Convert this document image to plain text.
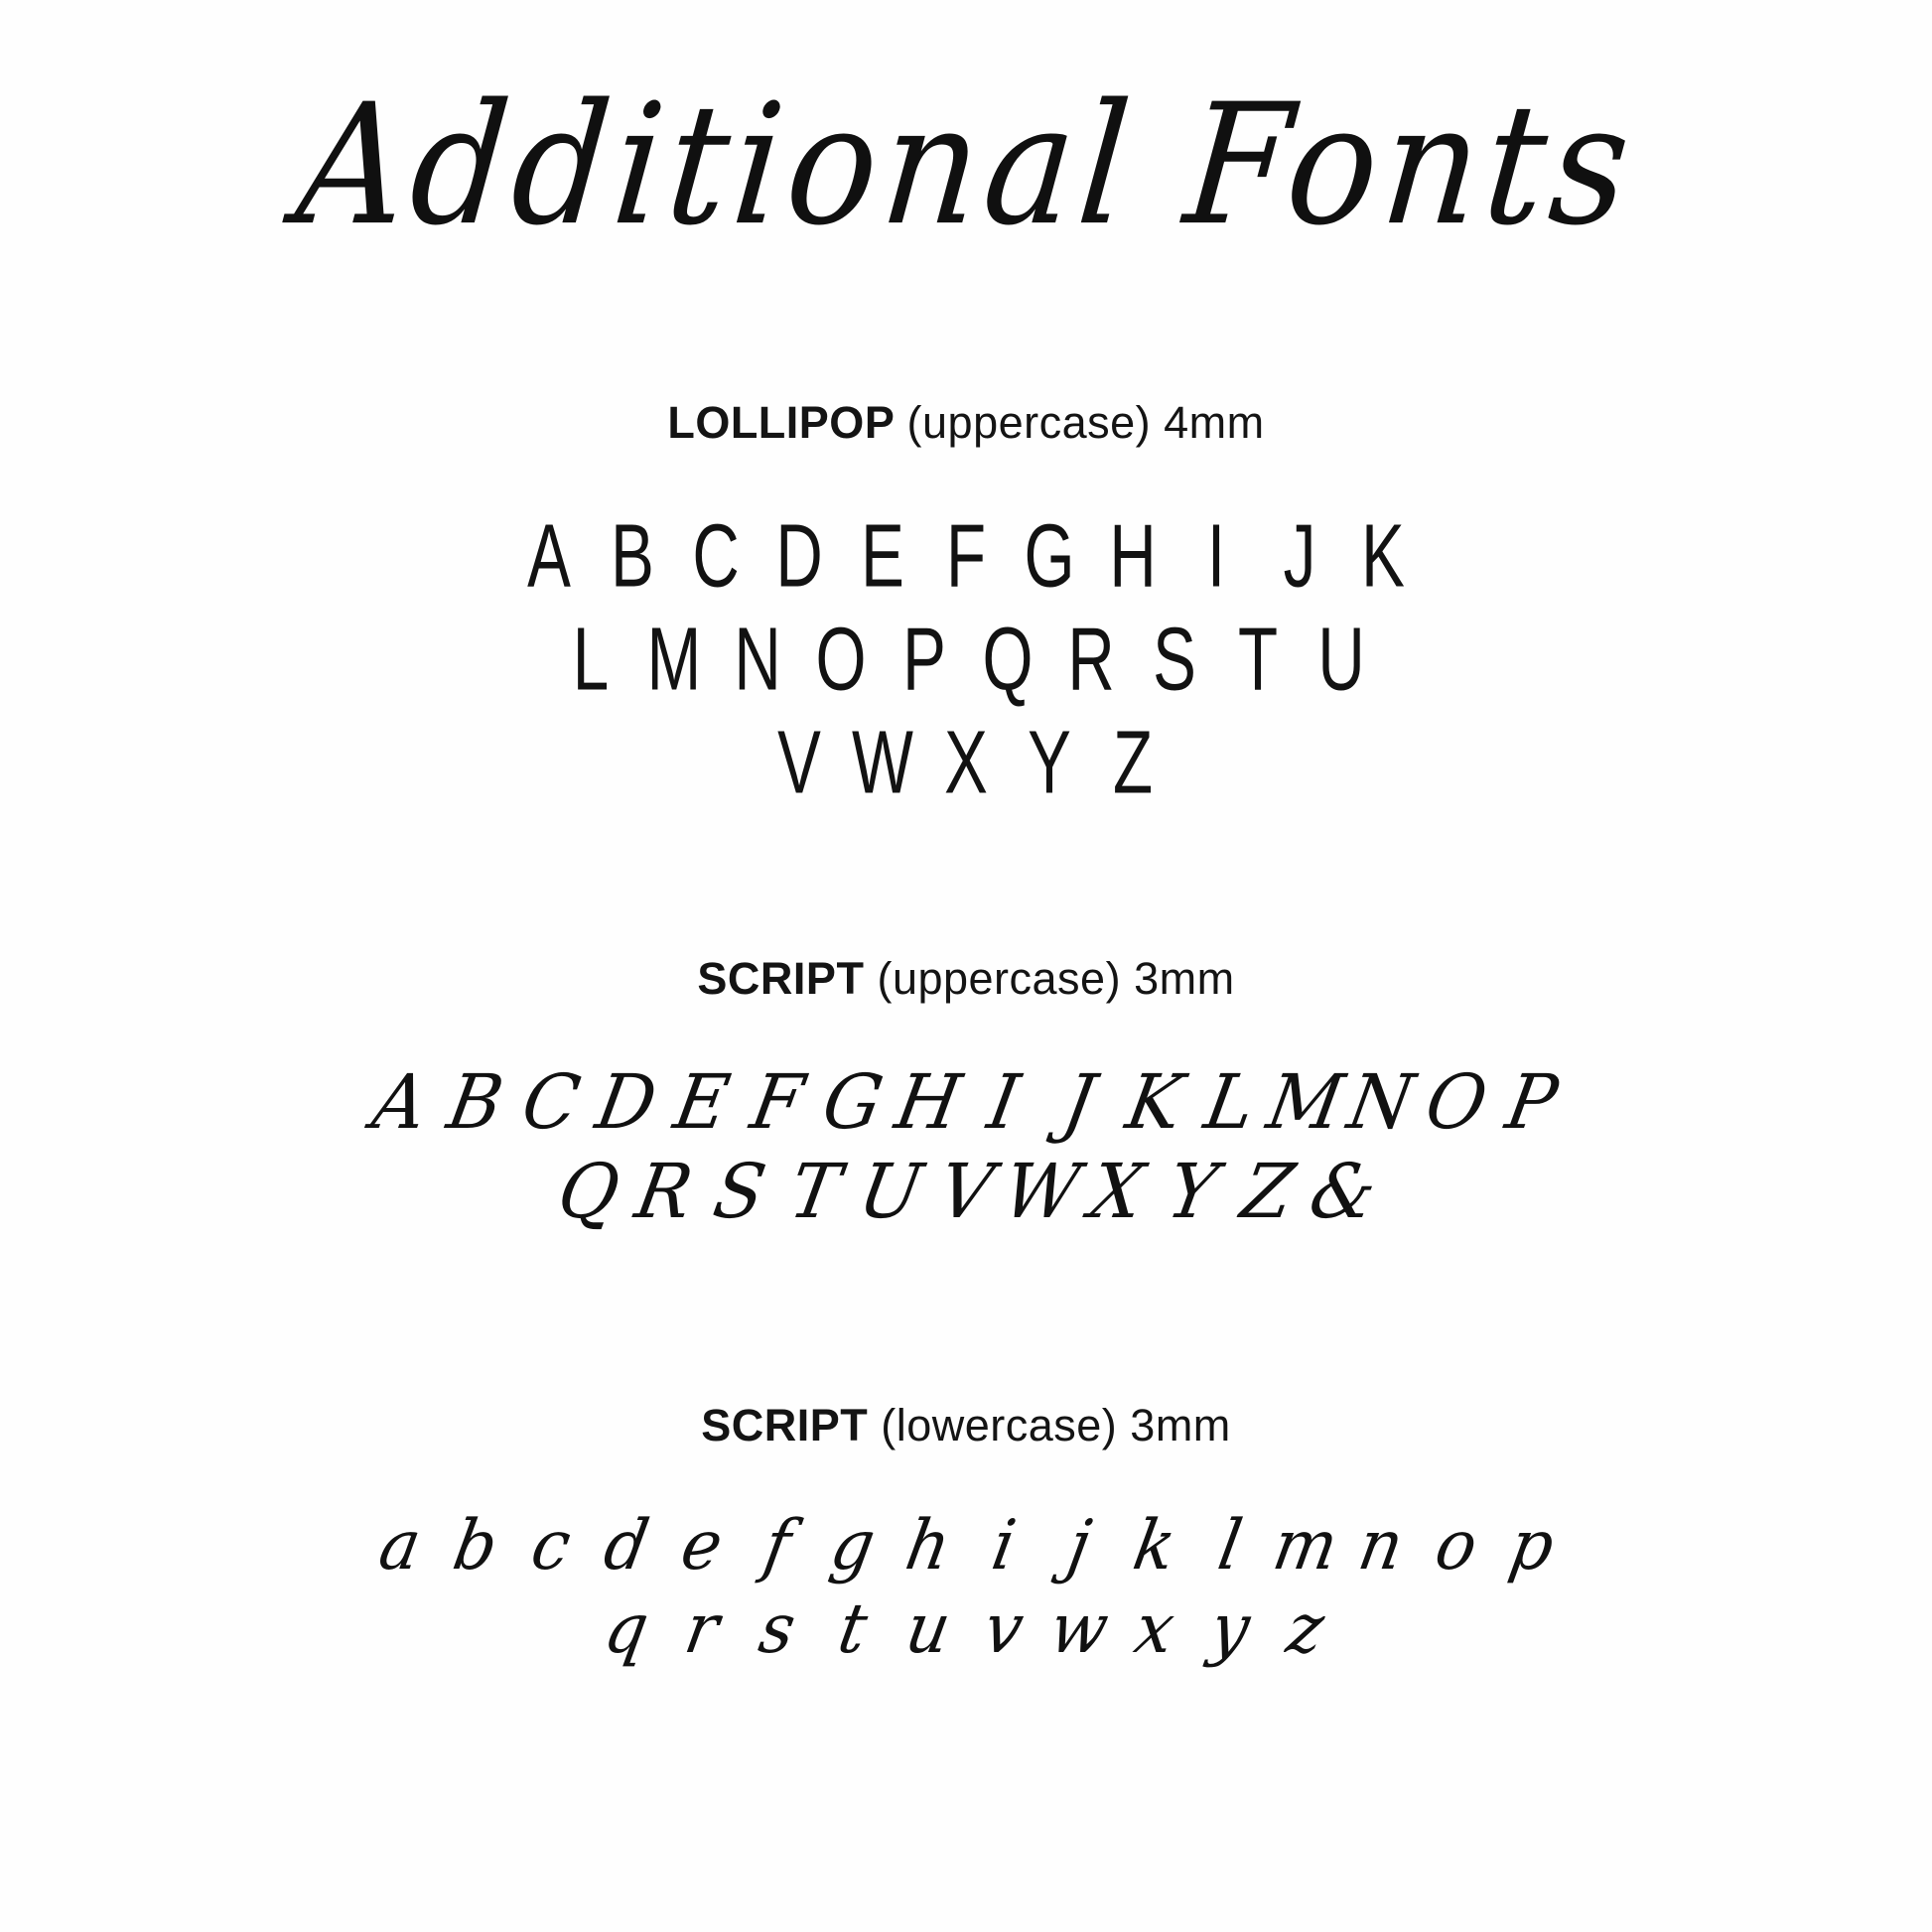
Additional Fonts
LOLLIPOP (uppercase) 4mm
A B C D E F G H I J K
L M N O P Q R S T U
V W X Y Z
SCRIPT (uppercase) 3mm
A B C D E F G H I J K L M
N O P
Q R S T U V
W
X Y Z &
SCRIPT (lowercase) 3mm
a b c d e f g h i j k l m n o p
q r s t u v w x y z
